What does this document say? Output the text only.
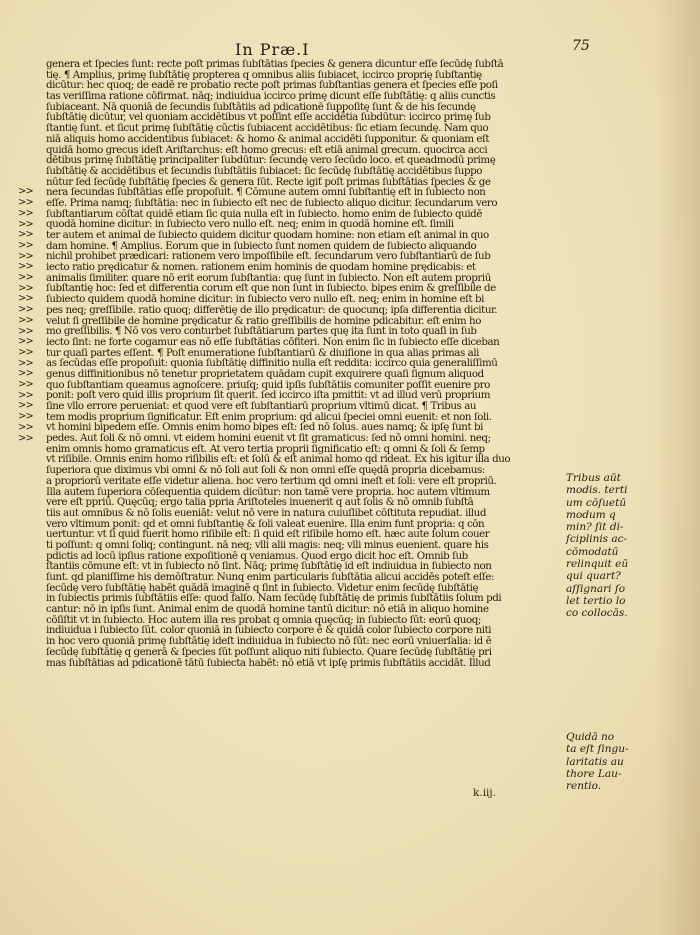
In Præ.I	75
genera et ſpecies ſunt: recte poſt primas ſubſtātias ſpecies & genera dicuntur eſſe ſecūdę ſubſtā
tię. ¶ Amplius, primę ſubſtātię propterea q omnibus aliis ſubiacet, iccirco proprię ſubſtantię
dicūtur: hec quoq; de eadē re probatio recte poſt primas ſubſtantias genera et ſpecies eſſe poſi
tas veriſſima ratione cōfirmat. nāq; indiuidua iccirco primę dicunt eſſe ſubſtātię: q aliis cunctis
ſubiaceant. Nā quoniā de ſecundis ſubſtātiis ad pdicationē ſuppoſitę ſunt & de his ſecundę
ſubſtātię dicūtur, vel quoniam accidētibus vt poſſint eſſe accidētia ſubdūtur: iccirco primę ſub
ſtantię ſunt. et ſicut primę ſubſtātię cūctis ſubiacent accidētibus: ſic etiam ſecundę. Nam quo
niā aliquis homo accidentibus ſubiacet: & homo & animal accidēti ſupponitur. & quoniam eſt
quidā homo grecus ideſt Ariſtarchus: eſt homo grecus: eſt etiā animal grecum. quocirca acci
dētibus primę ſubſtātię principaliter ſubdūtur: ſecundę vero ſecūdo loco. et queadmodū primę
ſubſtātię & accidētibus et ſecundis ſubſtātiis ſubiacet: ſic ſecūdę ſubſtātię accidētibus ſuppo
nūtur ſed ſecūdę ſubſtātię ſpecies & genera ſūt. Recte igiť poſt primas ſubſtātias ſpecies & ge
nera ſecundas ſubſtātias eſſe propoſuit. ¶ Cōmune autem omni ſubſtantię eſt in ſubiecto non
eſſe. Prima namq; ſubſtātia: nec in ſubiecto eſt nec de ſubiecto aliquo dicitur. ſecundarum vero
ſubſtantiarum cōſtat quidē etiam ſic quia nulla eſt in ſubiecto. homo enim de ſubiecto quidē
quodā homine dicitur: in ſubiecto vero nullo eſt. neq; enim in quodā homine eſt. ſimili
ter autem et animal de ſubiecto quidem dicitur quodam homine: non etiam eſt animal in quo
dam homine. ¶ Amplius. Eorum que in ſubiecto ſunt nomen quidem de ſubiecto aliquando
nichil prohibet prædicari: rationem vero impoſſibile eſt. ſecundarum vero ſubſtantiarū de ſub
iecto ratio prędicatur & nomen. rationem enim hominis de quodam homine prędicabis: et
animalis ſimiliter. quare nō erit eorum ſubſtantia: quę ſunt in ſubiecto. Non eſt autem propriū
ſubſtantię hoc: ſed et differentia corum eſt que non ſunt in ſubiecto. bipes enim & greſſibile de
ſubiecto quidem quodā homine dicitur: in ſubiecto vero nullo eſt. neq; enim in homine eſt bi
pes neq; greſſibile. ratio quoq; differētię de illo prędicatur: de quocunq; ipſa differentia dicitur.
velut ſi greſſibile de homine prędicatur & ratio greſſibilis de homine pdicabitur. eſt enim ho
mo greſſibilis. ¶ Nō vos vero conturbet ſubſtātiarum partes quę ita ſunt in toto quaſi in ſub
iecto ſint: ne forte cogamur eas nō eſſe ſubſtātias cōfiteri. Non enim ſic in ſubiecto eſſe diceban
tur quaſi partes eſſent. ¶ Poſt enumeratione ſubſtantiarū & diuiſione in qua alias primas ali
as ſecūdas eſſe propoſuit: quonia ſubſtātię diffinitio nulla eſt reddita: iccirco quia generaliſſimū
genus diffinitionibus nō tenetur proprietatem quādam cupit exquirere quaſi ſignum aliquod
quo ſubſtantiam queamus agnoſcere. priuſq; quid ipſis ſubſtātiis comuniter poſſit euenire pro
ponit: poſt vero quid illis proprium ſit querit. ſed iccirco iſta pmittit: vt ad illud verū proprium
ſine vllo errore perueniat: et quod vere eſt ſubſtantiarū proprium vltimū dicat. ¶ Tribus au
tem modis proprium ſignificatur. Eſt enim proprium: qd alicui ſpeciei omni euenit: et non ſoli.
vt homini bipedem eſſe. Omnis enim homo bipes eſt: ſed nō ſolus. aues namq; & ipſę ſunt bi
pedes. Aut ſoli & nō omni. vt eidem homini euenit vt ſit gramaticus: ſed nō omni homini. neq;
enim omnis homo gramaticus eſt. At vero tertia proprii ſignificatio eſt: q omni & ſoli & ſemp
vt riſibile. Omnis enim homo riſibilis eſt: et ſolū & eſt animal homo qd rideat. Ex his igitur illa duo
ſuperiora que diximus vbi omni & nō ſoli aut ſoli & non omni eſſe quędā propria dicebamus:
a propriorū veritate eſſe videtur aliena. hoc vero tertium qd omni ineſt et ſoli: vere eſt propriū.
Illa autem ſuperiora cōſequentia quidem dicūtur: non tamē vere propria. hoc autem vltimum
vere eſt ppriū. Quęcūq; ergo talia ppria Ariſtoteles inuenerit q aut ſolis & nō omnib ſubſtā
tiis aut omnibus & nō ſolis eueniāt: velut nō vere in natura cuiuſlibet cōſtituta repudiat. illud
vero vltimum ponit: qd et omni ſubſtantię & ſoli valeat euenire. Illa enim funt propria: q cōn
uertuntur. vt ſi quid fuerit homo riſibile eſt: ſi quid eſt riſibile homo eſt. hæc aute ſolum couer
ti poſſunt: q omni ſoliq; contingunt. nā neq; vlli alii magis: neq; vlli minus euenient. quare his
pdictis ad locū ipſius ratione expoſitionē q veniamus. Quod ergo dicit hoc eſt. Omnib ſub
ſtantiis cōmune eſt: vt in ſubiecto nō ſint. Nāq; primę ſubſtātię id eſt indiuidua in ſubiecto non
ſunt. qd planiſſime his demōſtratur. Nunq enim particularis ſubſtātia alicui accidēs poteſt eſſe:
ſecūdę vero ſubſtātię habēt quādā imaginē q ſint in ſubiecto. Videtur enim ſecūdę ſubſtātię
in ſubiectis primis ſubſtātiis eſſe: quod falſo. Nam ſecūdę ſubſtātię de primis ſubſtātiis ſolum pdi
cantur: nō in ipſis ſunt. Animal enim de quodā homine tantū dicitur: nō etiā in aliquo homine
cōſiſtit vt in ſubiecto. Hoc autem illa res probat q omnia quęcūq; in ſubiecto ſūt: eorū quoq;
indiuidua i ſubiecto ſūt. color quoniā in ſubiecto corpore ē & quidā color ſubiecto corpore niti
in hoc vero quoniā primę ſubſtātię ideſt indiuidua in ſubiecto nō ſūt: nec eorū vniuerſalia: id ē
ſecūdę ſubſtātię q generā & ſpecies ſūt poſſunt aliquo niti ſubiecto. Quare ſecūdę ſubſtātię pri
mas ſubſtātias ad pdicationē tātū ſubiecta habēt: nō etiā vt ipſę primis ſubſtātiis accidāt. Illud
>>
>>
>>
>>
>>
>>
>>
>>
>>
>>
>>
>>
>>
>>
>>
>>
>>
>>
>>
>>
>>
>>
>>
>>
Tribus aūt
modis. terti
um cōſuetū
modum q
min? ſit di-
ſciplinis ac-
cōmodatū
relinquit eū
qui quart?
aſſignari ſo
let tertio lo
co collocās.
Quidā no
ta eſt ſingu-
laritatis au
thore Lau-
rentio.
k.iij.
